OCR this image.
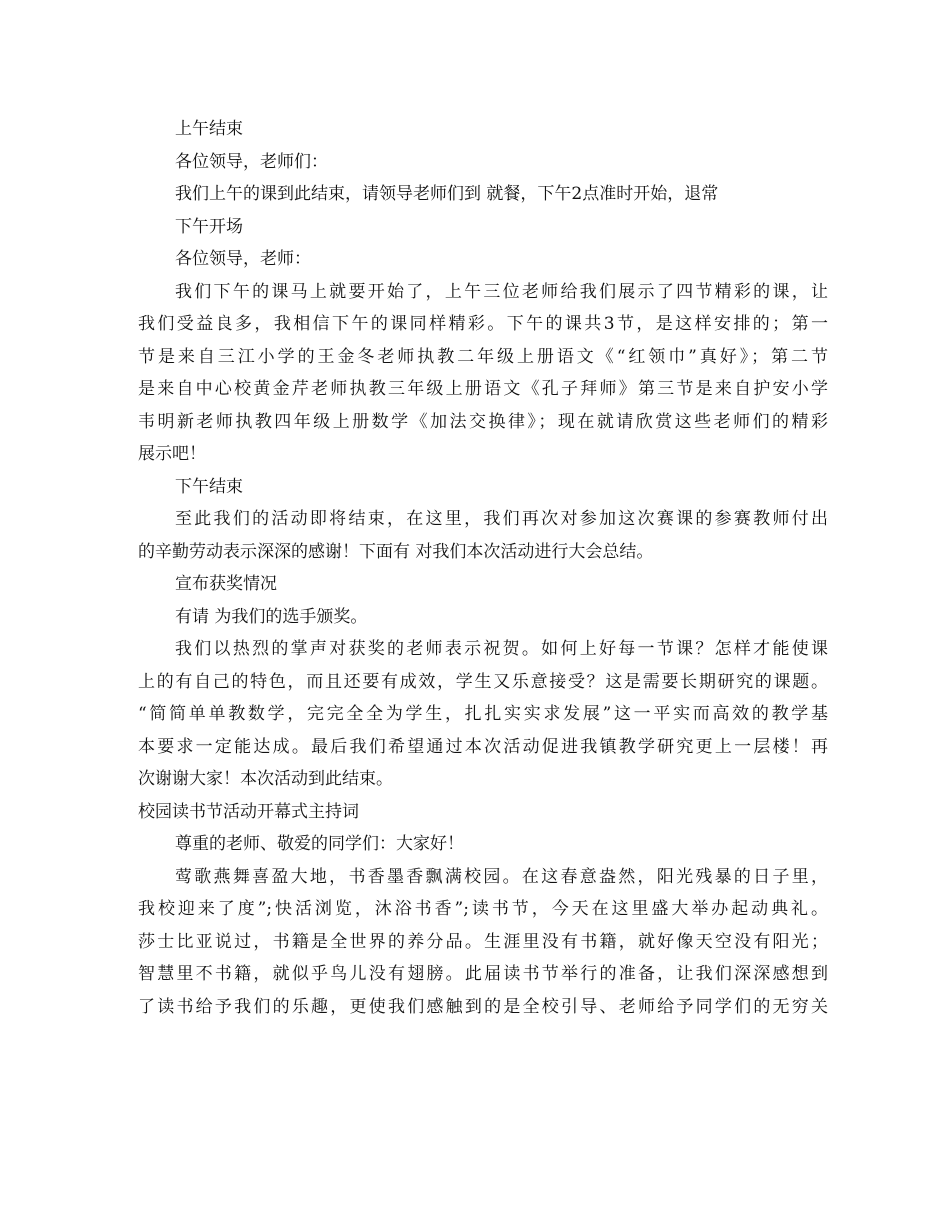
上午结束
各位领导，老师们：
我们上午的课到此结束，请领导老师们到 就餐，下午2点准时开始，退常
下午开场
各位领导，老师：
我们下午的课马上就要开始了，上午三位老师给我们展示了四节精彩的课，让
我们受益良多，我相信下午的课同样精彩。下午的课共3节，是这样安排的；第一
节是来自三江小学的王金冬老师执教二年级上册语文《“红领巾”真好》；第二节
是来自中心校黄金芹老师执教三年级上册语文《孔子拜师》第三节是来自护安小学
韦明新老师执教四年级上册数学《加法交换律》；现在就请欣赏这些老师们的精彩
展示吧！
下午结束
至此我们的活动即将结束，在这里，我们再次对参加这次赛课的参赛教师付出
的辛勤劳动表示深深的感谢！下面有 对我们本次活动进行大会总结。
宣布获奖情况
有请 为我们的选手颁奖。
我们以热烈的掌声对获奖的老师表示祝贺。如何上好每一节课？怎样才能使课
上的有自己的特色，而且还要有成效，学生又乐意接受？这是需要长期研究的课题。
“简简单单教数学，完完全全为学生，扎扎实实求发展”这一平实而高效的教学基
本要求一定能达成。最后我们希望通过本次活动促进我镇教学研究更上一层楼！再
次谢谢大家！本次活动到此结束。
校园读书节活动开幕式主持词
尊重的老师、敬爱的同学们：大家好！
莺歌燕舞喜盈大地，书香墨香飘满校园。在这春意盎然，阳光残暴的日子里，
我校迎来了度”;快活浏览，沐浴书香”;读书节，今天在这里盛大举办起动典礼。
莎士比亚说过，书籍是全世界的养分品。生涯里没有书籍，就好像天空没有阳光；
智慧里不书籍，就似乎鸟儿没有翅膀。此届读书节举行的准备，让我们深深感想到
了读书给予我们的乐趣，更使我们感触到的是全校引导、老师给予同学们的无穷关
